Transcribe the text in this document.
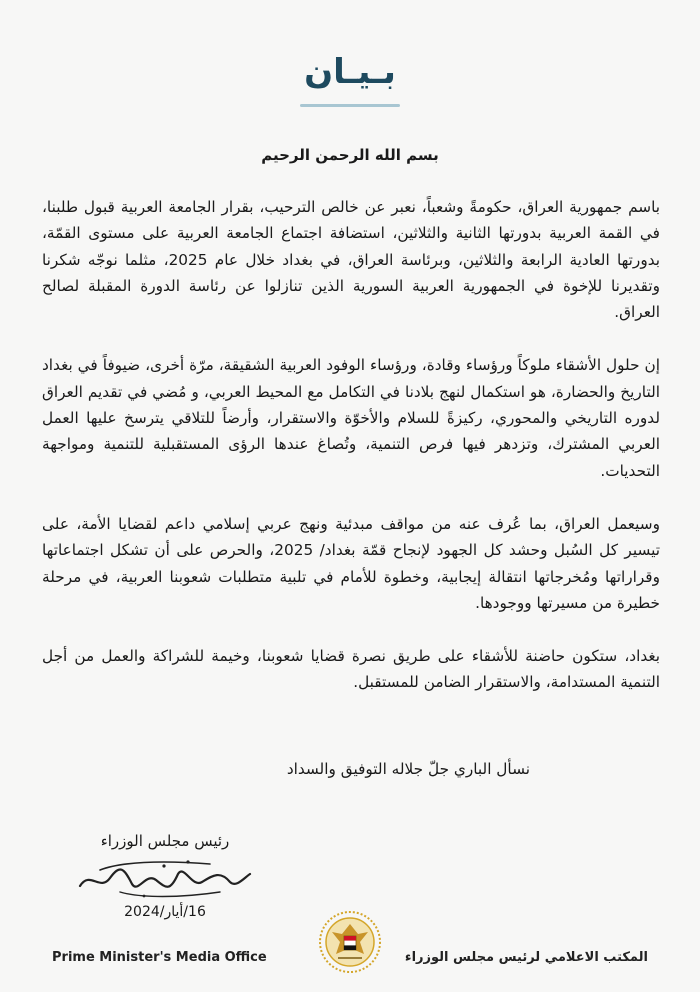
بـيـان
بسم الله الرحمن الرحيم

باسم جمهورية العراق، حكومةً وشعباً، نعبر عن خالص الترحيب، بقرار الجامعة العربية قبول طلبنا، في القمة العربية بدورتها الثانية والثلاثين، استضافة اجتماع الجامعة العربية على مستوى القمّة، بدورتها العادية الرابعة والثلاثين، وبرئاسة العراق، في بغداد خلال عام 2025، مثلما نوجّه شكرنا وتقديرنا للإخوة في الجمهورية العربية السورية الذين تنازلوا عن رئاسة الدورة المقبلة لصالح العراق.

إن حلول الأشقاء ملوكاً ورؤساء وقادة، ورؤساء الوفود العربية الشقيقة، مرّة أخرى، ضيوفاً في بغداد التاريخ والحضارة، هو استكمال لنهج بلادنا في التكامل مع المحيط العربي، و مُضي في تقديم العراق لدوره التاريخي والمحوري، ركيزةً للسلام والأخوّة والاستقرار، وأرضاً للتلاقي يترسخ عليها العمل العربي المشترك، وتزدهر فيها فرص التنمية، وتُصاغ عندها الرؤى المستقبلية للتنمية ومواجهة التحديات.

وسيعمل العراق، بما عُرف عنه من مواقف مبدئية ونهج عربي إسلامي داعم لقضايا الأمة، على تيسير كل السُبل وحشد كل الجهود لإنجاح قمّة بغداد/ 2025، والحرص على أن تشكل اجتماعاتها وقراراتها ومُخرجاتها انتقالة إيجابية، وخطوة للأمام في تلبية متطلبات شعوبنا العربية، في مرحلة خطيرة من مسيرتها ووجودها.

بغداد، ستكون حاضنة للأشقاء على طريق نصرة قضايا شعوبنا، وخيمة للشراكة والعمل من أجل التنمية المستدامة، والاستقرار الضامن للمستقبل.

نسأل الباري جلّ جلاله التوفيق والسداد
رئيس مجلس الوزراء
16/أيار/2024
Prime Minister's Media Office	المكتب الاعلامي لرئيس مجلس الوزراء
